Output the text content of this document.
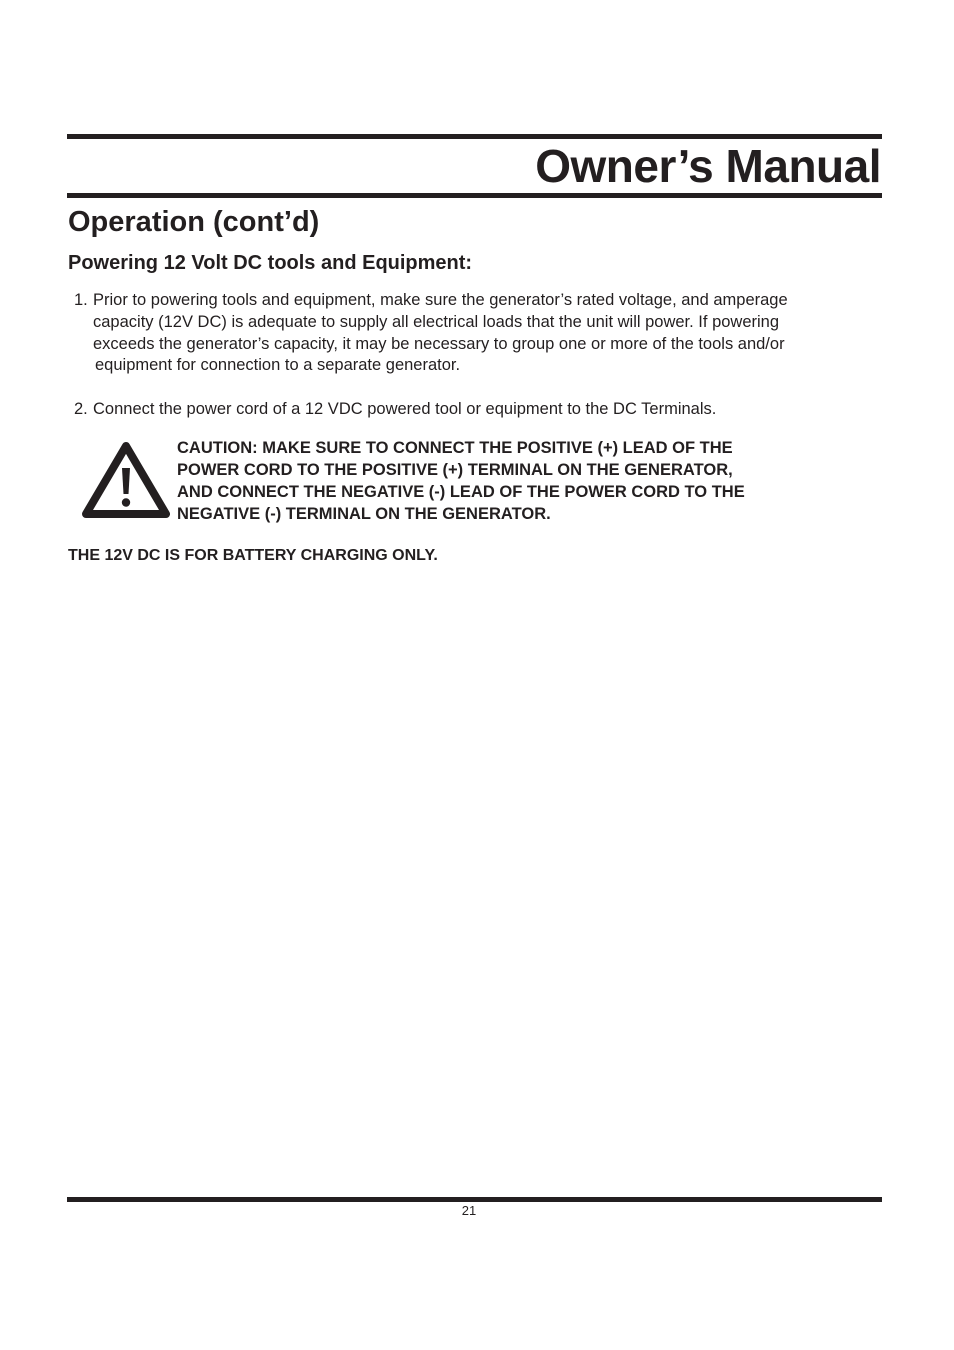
Owner’s Manual
Operation (cont’d)
Powering 12 Volt DC tools and Equipment:
1. Prior to powering tools and equipment, make sure the generator’s rated voltage, and amperage
capacity (12V DC) is adequate to supply all electrical loads that the unit will power. If powering
exceeds the generator’s capacity, it may be necessary to group one or more of the tools and/or
equipment for connection to a separate generator.
2. Connect the power cord of a 12 VDC powered tool or equipment to the DC Terminals.
CAUTION: MAKE SURE TO CONNECT THE POSITIVE (+) LEAD OF THE
POWER CORD TO THE POSITIVE (+) TERMINAL ON THE GENERATOR,
AND CONNECT THE NEGATIVE (-) LEAD OF THE POWER CORD TO THE
NEGATIVE (-) TERMINAL ON THE GENERATOR.
THE 12V DC IS FOR BATTERY CHARGING ONLY.
21
